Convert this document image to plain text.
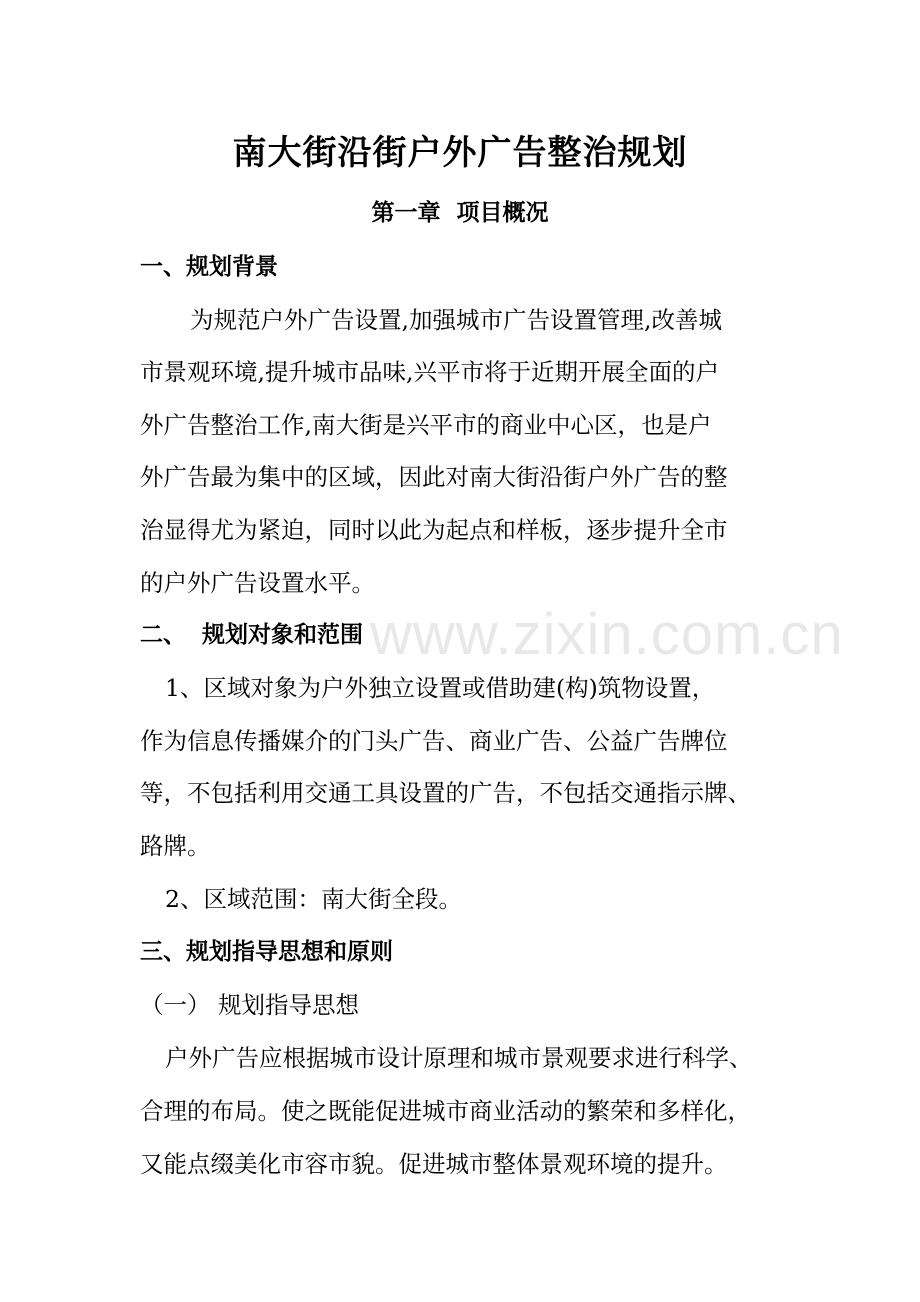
南大街沿街户外广告整治规划
第一章  项目概况
一、规划背景
为规范户外广告设置,加强城市广告设置管理,改善城
市景观环境,提升城市品味,兴平市将于近期开展全面的户
外广告整治工作,南大街是兴平市的商业中心区，也是户
外广告最为集中的区域，因此对南大街沿街户外广告的整
治显得尤为紧迫，同时以此为起点和样板，逐步提升全市
的户外广告设置水平。
二、  规划对象和范围
1、区域对象为户外独立设置或借助建(构)筑物设置，
作为信息传播媒介的门头广告、商业广告、公益广告牌位
等，不包括利用交通工具设置的广告，不包括交通指示牌、
路牌。
2、区域范围：南大街全段。
三、规划指导思想和原则
（一） 规划指导思想
户外广告应根据城市设计原理和城市景观要求进行科学、
合理的布局。使之既能促进城市商业活动的繁荣和多样化，
又能点缀美化市容市貌。促进城市整体景观环境的提升。
www.zixin.com.cn
